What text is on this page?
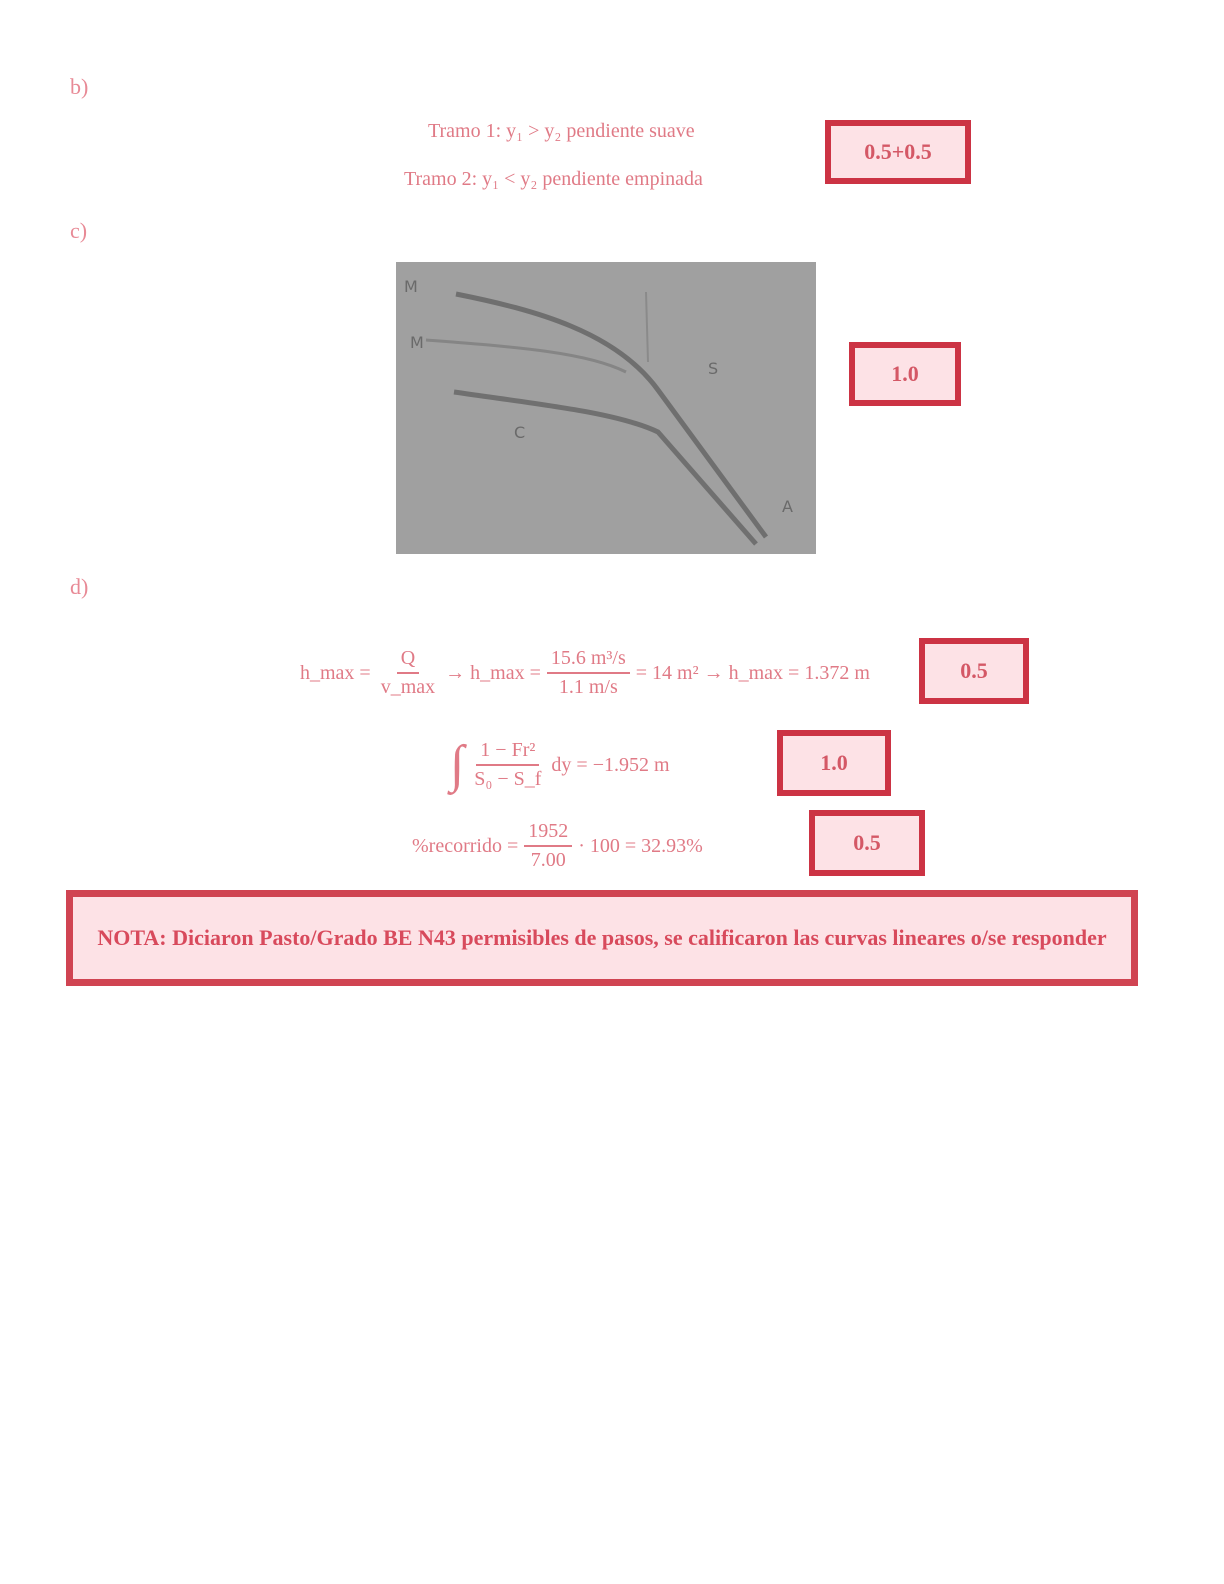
b)
Tramo 1: y₁ > y₂ pendiente suave
Tramo 2: y₁ < y₂ pendiente empinada
0.5+0.5
c)
M
M
S
C
A
1.0
d)
h_max = $\frac{Q}{v\_\max}$ → h_max = $\frac{\text{15.6 m³/s}}{1.1 m/s} = 14$ m² → h_max = 1.372 m	0.5
∫ $\frac{\text{1 − Fr²}}{\text{S₀ − S\_f}}$ dy = −1.952 m	1.0
%recorrido = $\frac{1952}{7.00} \cdot 100 = 32.93\%$	0.5
NOTA: Diciaron Pasto/Grado BE N43 permisibles de pasos, se calificaron las curvas lineares o/se responder
